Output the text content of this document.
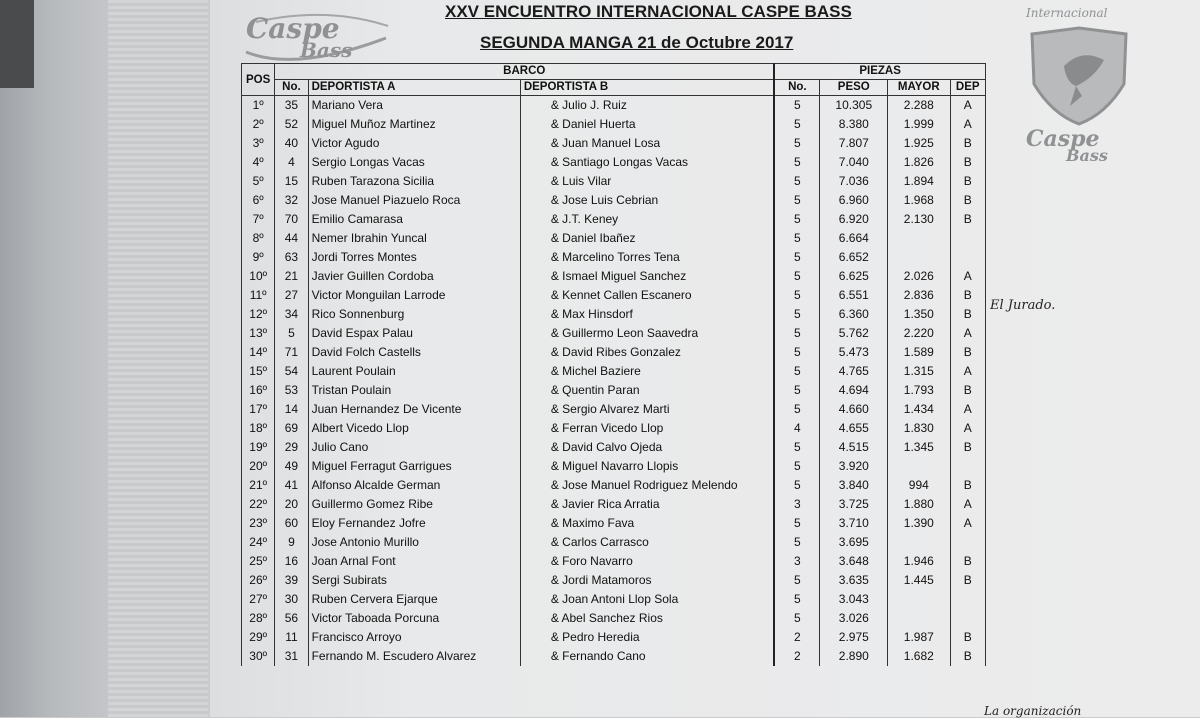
Caspe
Bass
XXV ENCUENTRO INTERNACIONAL CASPE BASS
SEGUNDA MANGA 21 de Octubre 2017
Internacional
Caspe
Bass
El Jurado.
La organización
POS	BARCO			PIEZAS			
	No.	DEPORTISTA A	DEPORTISTA B	No.	PESO	MAYOR	DEP
1º	35	Mariano Vera	& Julio J. Ruiz	5	10.305	2.288	A
2º	52	Miguel Muñoz Martinez	& Daniel Huerta	5	8.380	1.999	A
3º	40	Victor Agudo	& Juan Manuel Losa	5	7.807	1.925	B
4º	4	Sergio Longas Vacas	& Santiago Longas Vacas	5	7.040	1.826	B
5º	15	Ruben Tarazona Sicilia	& Luis Vilar	5	7.036	1.894	B
6º	32	Jose Manuel Piazuelo Roca	& Jose Luis Cebrian	5	6.960	1.968	B
7º	70	Emilio Camarasa	& J.T. Keney	5	6.920	2.130	B
8º	44	Nemer Ibrahin Yuncal	& Daniel Ibañez	5	6.664		
9º	63	Jordi Torres Montes	& Marcelino Torres Tena	5	6.652		
10º	21	Javier Guillen Cordoba	& Ismael Miguel Sanchez	5	6.625	2.026	A
11º	27	Victor Monguilan Larrode	& Kennet Callen Escanero	5	6.551	2.836	B
12º	34	Rico Sonnenburg	& Max Hinsdorf	5	6.360	1.350	B
13º	5	David Espax Palau	& Guillermo Leon Saavedra	5	5.762	2.220	A
14º	71	David Folch Castells	& David Ribes Gonzalez	5	5.473	1.589	B
15º	54	Laurent Poulain	& Michel Baziere	5	4.765	1.315	A
16º	53	Tristan Poulain	& Quentin Paran	5	4.694	1.793	B
17º	14	Juan Hernandez De Vicente	& Sergio Alvarez Marti	5	4.660	1.434	A
18º	69	Albert Vicedo Llop	& Ferran Vicedo Llop	4	4.655	1.830	A
19º	29	Julio Cano	& David Calvo Ojeda	5	4.515	1.345	B
20º	49	Miguel Ferragut Garrigues	& Miguel Navarro Llopis	5	3.920		
21º	41	Alfonso Alcalde German	& Jose Manuel Rodriguez Melendo	5	3.840	994	B
22º	20	Guillermo Gomez Ribe	& Javier Rica Arratia	3	3.725	1.880	A
23º	60	Eloy Fernandez Jofre	& Maximo Fava	5	3.710	1.390	A
24º	9	Jose Antonio Murillo	& Carlos Carrasco	5	3.695		
25º	16	Joan Arnal Font	& Foro Navarro	3	3.648	1.946	B
26º	39	Sergi Subirats	& Jordi Matamoros	5	3.635	1.445	B
27º	30	Ruben Cervera Ejarque	& Joan Antoni Llop Sola	5	3.043		
28º	56	Victor Taboada Porcuna	& Abel Sanchez Rios	5	3.026		
29º	11	Francisco Arroyo	& Pedro Heredia	2	2.975	1.987	B
30º	31	Fernando M. Escudero Alvarez	& Fernando Cano	2	2.890	1.682	B
